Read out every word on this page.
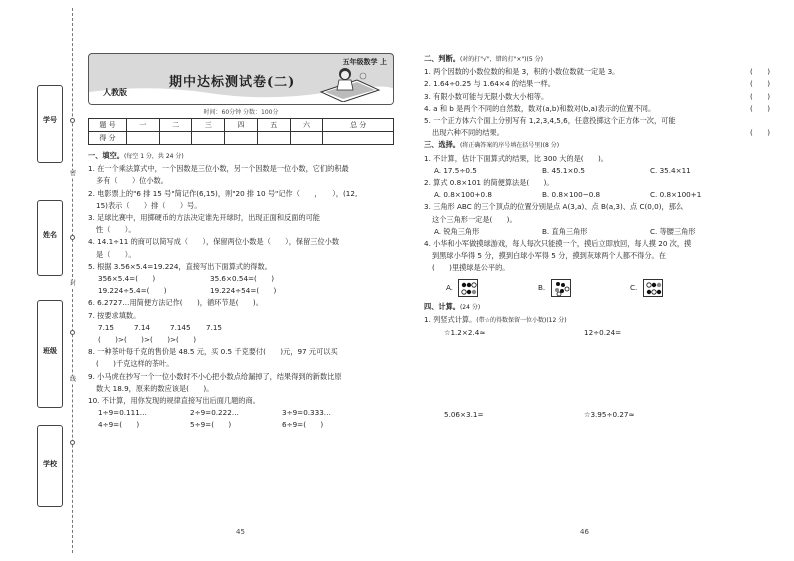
学号
姓名
班级
学校
密
封
线
五年级数学 上
期中达标测试卷(二)
人教版
时间：60分钟 分数：100分
题 号	一	二	三	四	五	六	总 分
得 分							
一、填空。(每空 1 分，共 24 分)
1. 在一个乘法算式中，一个因数是三位小数，另一个因数是一位小数，它们的积最
多有（　　）位小数。
2. 电影票上的"6 排 15 号"简记作(6,15)，则"20 排 10 号"记作（　　，　　），(12,
15)表示（　　）排（　　）号。
3. 足球比赛中，用掷硬币的方法决定谁先开球时，出现正面和反面的可能
性（　　）。
4. 14.1÷11 的商可以简写成（　　），保留两位小数是（　　），保留三位小数
是（　　）。
5. 根据 3.56×5.4=19.224，直接写出下面算式的得数。
356×5.4=(　　)	35.6×0.54=(　　)
19.224÷5.4=(　　)	19.224÷54=(　　)
6. 6.2727…用简便方法记作(　　)，循环节是(　　)。
7. 按要求填数。
7.15̇	7.1̇4̇	7.14̇5̇	7.15
(　　)>(　　)>(　　)>(　　)
8. 一种茶叶每千克的售价是 48.5 元，买 0.5 千克要付(　　)元，97 元可以买
(　　)千克这样的茶叶。
9. 小马虎在抄写一个一位小数时不小心把小数点给漏掉了，结果得到的新数比原
数大 18.9，原来的数应该是(　　)。
10. 不计算，用你发现的规律直接写出后面几题的商。
1÷9=0.111…	2÷9=0.222…	3÷9=0.333…
4÷9=(　　)	5÷9=(　　)	6÷9=(　　)
45
二、判断。(对的打"√"，错的打"×")(5 分)
1. 两个因数的小数位数的和是 3，积的小数位数就一定是 3。	(　　)
2. 1.64÷0.25 与 1.64×4 的结果一样。	(　　)
3. 有限小数可能与无限小数大小相等。	(　　)
4. a 和 b 是两个不同的自然数，数对(a,b)和数对(b,a)表示的位置不同。	(　　)
5. 一个正方体六个面上分别写有 1,2,3,4,5,6，任意投掷这个正方体一次，可能
出现六种不同的结果。	(　　)
三、选择。(将正确答案的序号填在括号里)(8 分)
1. 不计算，估计下面算式的结果，比 300 大的是(　　)。
A. 17.5÷0.5	B. 45.1×0.5	C. 35.4×11
2. 算式 0.8×101 的简便算法是(　　)。
A. 0.8×100+0.8	B. 0.8×100−0.8	C. 0.8×100+1
3. 三角形 ABC 的三个顶点的位置分别是点 A(3,a)、点 B(a,3)、点 C(0,0)，那么
这个三角形一定是(　　)。
A. 锐角三角形	B. 直角三角形	C. 等腰三角形
4. 小华和小军做摸球游戏，每人每次只能摸一个，摸后立即放回，每人摸 20 次，摸
到黑球小华得 5 分，摸到白球小军得 5 分，摸到灰球两个人都不得分。在
(　　)里摸球是公平的。
A.	B.	C.
四、计算。(24 分)
1. 列竖式计算。(带☆的得数保留一位小数)(12 分)
☆1.2×2.4≈	12÷0.24=
5.06×3.1=	☆3.95÷0.27≈
46
